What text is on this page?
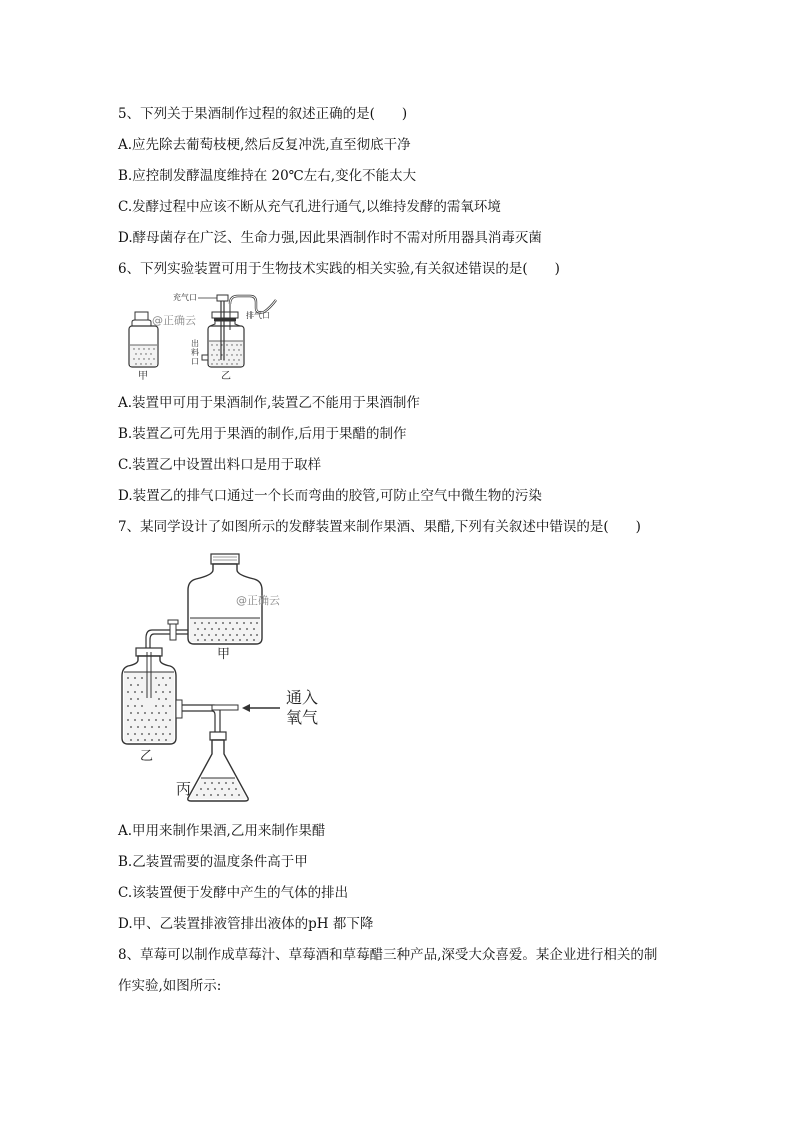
5、下列关于果酒制作过程的叙述正确的是(　　)
A.应先除去葡萄枝梗,然后反复冲洗,直至彻底干净
B.应控制发酵温度维持在 20℃左右,变化不能太大
C.发酵过程中应该不断从充气孔进行通气,以维持发酵的需氧环境
D.酵母菌存在广泛、生命力强,因此果酒制作时不需对所用器具消毒灭菌
6、下列实验装置可用于生物技术实践的相关实验,有关叙述错误的是(　　)
@正确云
甲
充气口
排气口
出
料
口
乙
A.装置甲可用于果酒制作,装置乙不能用于果酒制作
B.装置乙可先用于果酒的制作,后用于果醋的制作
C.装置乙中设置出料口是用于取样
D.装置乙的排气口通过一个长而弯曲的胶管,可防止空气中微生物的污染
7、某同学设计了如图所示的发酵装置来制作果酒、果醋,下列有关叙述中错误的是(　　)
@正确云
甲
乙
通入
氧气
丙
A.甲用来制作果酒,乙用来制作果醋
B.乙装置需要的温度条件高于甲
C.该装置便于发酵中产生的气体的排出
D.甲、乙装置排液管排出液体的pH 都下降
8、草莓可以制作成草莓汁、草莓酒和草莓醋三种产品,深受大众喜爱。某企业进行相关的制
作实验,如图所示:
